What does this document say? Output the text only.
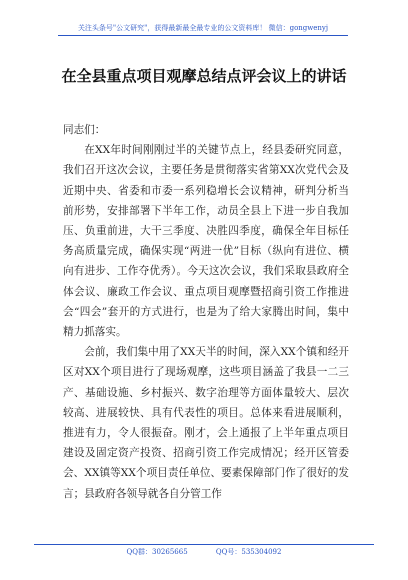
关注头条号"公文研究"，获得最新最全最专业的公文资料库！ 微信：gongwenyj
在全县重点项目观摩总结点评会议上的讲话

同志们：

在XX年时间刚刚过半的关键节点上，经县委研究同意，我们召开这次会议，主要任务是贯彻落实省第XX次党代会及近期中央、省委和市委一系列稳增长会议精神，研判分析当前形势，安排部署下半年工作，动员全县上下进一步自我加压、负重前进，大干三季度、决胜四季度，确保全年目标任务高质量完成，确保实现“两进一优”目标（纵向有进位、横向有进步、工作夺优秀）。今天这次会议，我们采取县政府全体会议、廉政工作会议、重点项目观摩暨招商引资工作推进会“四会”套开的方式进行，也是为了给大家腾出时间，集中精力抓落实。

会前，我们集中用了XX天半的时间，深入XX个镇和经开区对XX个项目进行了现场观摩，这些项目涵盖了我县一二三产、基础设施、乡村振兴、数字治理等方面体量较大、层次较高、进展较快、具有代表性的项目。总体来看进展顺利，推进有力，令人很振奋。刚才，会上通报了上半年重点项目建设及固定资产投资、招商引资工作完成情况；经开区管委会、XX镇等XX个项目责任单位、要素保障部门作了很好的发言；县政府各领导就各自分管工作

QQ群：30265665	QQ号：535304092
